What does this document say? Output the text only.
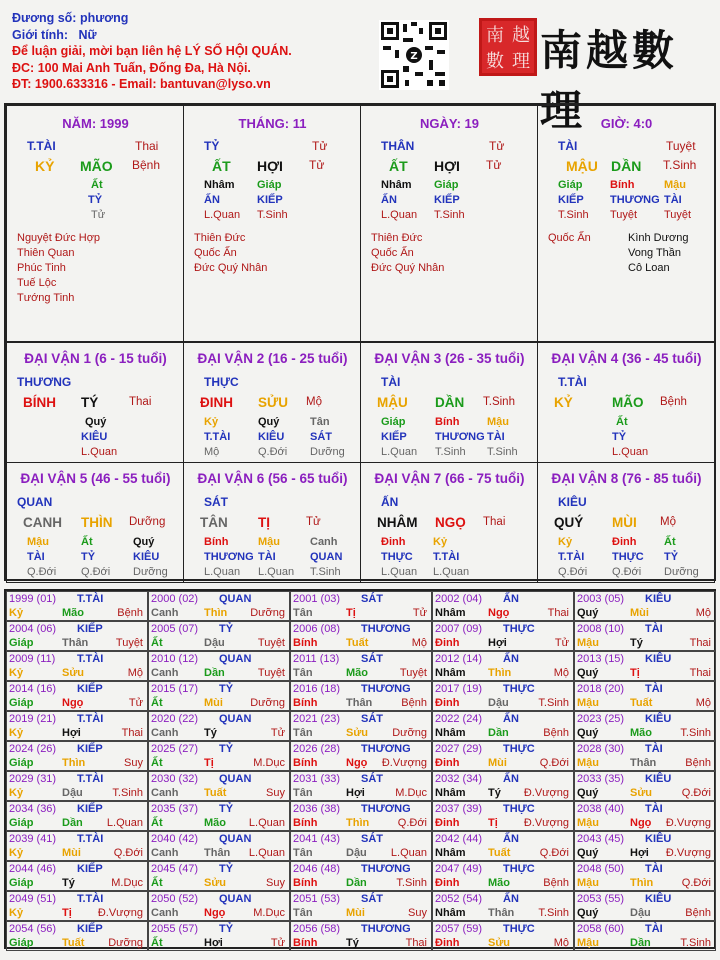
Đương số: phương
Giới tính: Nữ
Để luận giải, mời bạn liên hệ LÝ SỐ HỘI QUÁN.
ĐC: 100 Mai Anh Tuấn, Đống Đa, Hà Nội.
ĐT: 1900.633316 - Email: bantuvan@lyso.vn
Z
南 越
數 理 南越數理
NĂM: 1999
T.TÀI	Thai
KỶ MÃO Bệnh
Ất
TỶ
Tử
Nguyệt Đức Hợp
Thiên Quan
Phúc Tinh
Tuế Lộc
Tướng Tinh
THÁNG: 11
TỶ	Tử
ẤT HỢI Tử
Nhâm
ẤN
L.Quan
Giáp
KIẾP
T.Sinh
Thiên Đức
Quốc Ấn
Đức Quý Nhân
NGÀY: 19
THÂN	Tử
ẤT HỢI Tử
Nhâm
ẤN
L.Quan
Giáp
KIẾP
T.Sinh
Thiên Đức
Quốc Ấn
Đức Quý Nhân
GIỜ: 4:0
TÀI	Tuyệt
MẬU DẦN T.Sinh
Giáp
KIẾP
T.Sinh
Bính
THƯƠNG
Tuyệt
Mậu
TÀI
Tuyệt
Quốc Ấn	Kình Dương
Vong Thần
Cô Loan
ĐẠI VẬN 1 (6 - 15 tuổi)
THƯƠNG
BÍNH TÝ	Thai
Quý
KIÊU
L.Quan
ĐẠI VẬN 2 (16 - 25 tuổi)
THỰC
ĐINH SỬU Mộ
Kỷ
T.TÀI
Mộ
Quý
KIÊU
Q.Đới
Tân
SÁT
Dưỡng
ĐẠI VẬN 3 (26 - 35 tuổi)
TÀI
MẬU DẦN T.Sinh
Giáp
KIẾP
L.Quan
Bính
THƯƠNG
T.Sinh
Mậu
TÀI
T.Sinh
ĐẠI VẬN 4 (36 - 45 tuổi)
T.TÀI
KỶ	MÃO Bệnh
Ất
TỶ
L.Quan
ĐẠI VẬN 5 (46 - 55 tuổi)
QUAN
CANH THÌN Dưỡng
Mậu
TÀI
Q.Đới
Ất
TỶ
Q.Đới
Quý
KIÊU
Dưỡng
ĐẠI VẬN 6 (56 - 65 tuổi)
SÁT
TÂN TỊ	Tử
Bính
THƯƠNG
L.Quan
Mậu
TÀI
L.Quan
Canh
QUAN
T.Sinh
ĐẠI VẬN 7 (66 - 75 tuổi)
ẤN
NHÂM NGỌ Thai
Đinh
THỰC
L.Quan
Kỷ
T.TÀI
L.Quan
ĐẠI VẬN 8 (76 - 85 tuổi)
KIÊU
QUÝ MÙI Mộ
Kỷ
T.TÀI
Q.Đới
Đinh
THỰC
Q.Đới
Ất
TỶ
Dưỡng
1999 (01) T.TÀI
Kỷ	Mão	Bệnh
2000 (02) QUAN
Canh Thìn Dưỡng
2001 (03) SÁT
Tân	Tị	Tử
2002 (04) ẤN
Nhâm Ngọ	Thai
2003 (05) KIÊU
Quý	Mùi	Mộ
2004 (06) KIẾP
Giáp	Thân	Tuyệt
2005 (07) TỶ
Ất	Dậu	Tuyệt
2006 (08) THƯƠNG
Bính	Tuất	Mộ
2007 (09) THỰC
Đinh	Hợi	Tử
2008 (10) TÀI
Mậu	Tý	Thai
2009 (11) T.TÀI
Kỷ	Sửu	Mộ
2010 (12) QUAN
Canh Dần	Tuyệt
2011 (13) SÁT
Tân	Mão	Tuyệt
2012 (14) ẤN
Nhâm Thìn	Mộ
2013 (15) KIÊU
Quý	Tị	Thai
2014 (16) KIẾP
Giáp	Ngọ	Tử
2015 (17) TỶ
Ất	Mùi Dưỡng
2016 (18) THƯƠNG
Bính	Thân	Bệnh
2017 (19) THỰC
Đinh	Dậu	T.Sinh
2018 (20) TÀI
Mậu	Tuất	Mộ
2019 (21) T.TÀI
Kỷ	Hợi	Thai
2020 (22) QUAN
Canh Tý	Tử
2021 (23) SÁT
Tân	Sửu Dưỡng
2022 (24) ẤN
Nhâm Dần	Bệnh
2023 (25) KIÊU
Quý	Mão	T.Sinh
2024 (26) KIẾP
Giáp	Thìn	Suy
2025 (27) TỶ
Ất	Tị	M.Dục
2026 (28) THƯƠNG
Bính	Ngọ Đ.Vượng
2027 (29) THỰC
Đinh	Mùi	Q.Đới
2028 (30) TÀI
Mậu	Thân	Bệnh
2029 (31) T.TÀI
Kỷ	Dậu	T.Sinh
2030 (32) QUAN
Canh Tuất	Suy
2031 (33) SÁT
Tân	Hợi	M.Dục
2032 (34) ẤN
Nhâm Tý Đ.Vượng
2033 (35) KIÊU
Quý	Sửu	Q.Đới
2034 (36) KIẾP
Giáp	Dần L.Quan
2035 (37) TỶ
Ất	Mão L.Quan
2036 (38) THƯƠNG
Bính	Thìn	Q.Đới
2037 (39) THỰC
Đinh	Tị Đ.Vượng
2038 (40) TÀI
Mậu	Ngọ Đ.Vượng
2039 (41) T.TÀI
Kỷ	Mùi	Q.Đới
2040 (42) QUAN
Canh Thân L.Quan
2041 (43) SÁT
Tân	Dậu L.Quan
2042 (44) ẤN
Nhâm Tuất	Q.Đới
2043 (45) KIÊU
Quý	Hợi Đ.Vượng
2044 (46) KIẾP
Giáp	Tý	M.Dục
2045 (47) TỶ
Ất	Sửu	Suy
2046 (48) THƯƠNG
Bính	Dần	T.Sinh
2047 (49) THỰC
Đinh	Mão	Bệnh
2048 (50) TÀI
Mậu	Thìn	Q.Đới
2049 (51) T.TÀI
Kỷ	Tị Đ.Vượng
2050 (52) QUAN
Canh Ngọ	M.Dục
2051 (53) SÁT
Tân	Mùi	Suy
2052 (54) ẤN
Nhâm Thân T.Sinh
2053 (55) KIÊU
Quý	Dậu	Bệnh
2054 (56) KIẾP
Giáp	Tuất Dưỡng
2055 (57) TỶ
Ất	Hợi	Tử
2056 (58) THƯƠNG
Bính	Tý	Thai
2057 (59) THỰC
Đinh	Sửu	Mộ
2058 (60) TÀI
Mậu	Dần	T.Sinh
